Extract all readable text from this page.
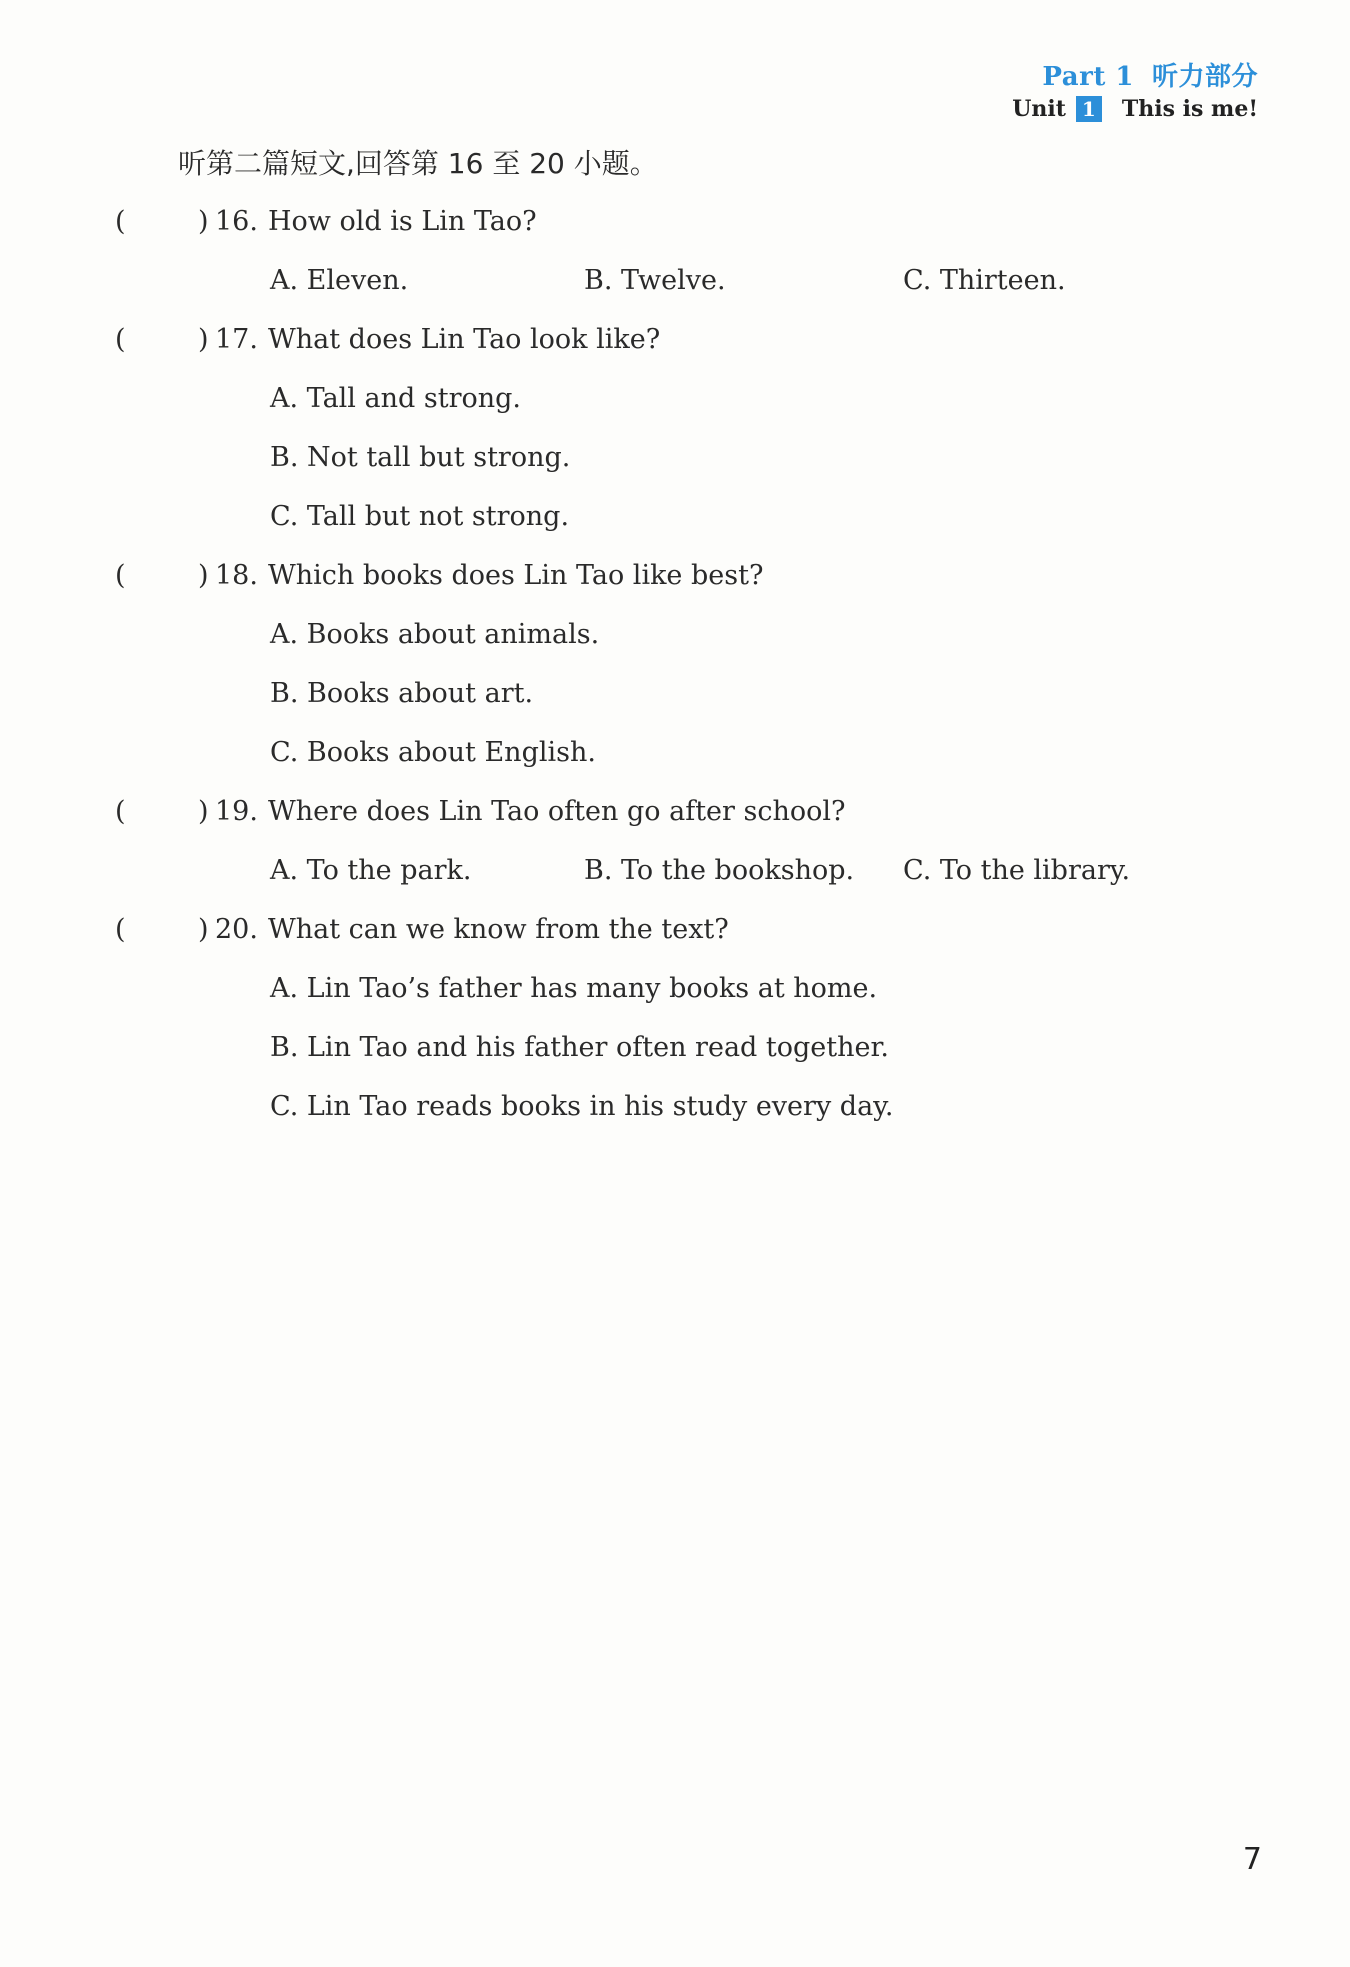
Part 1 听力部分
Unit 1 This is me!
听第二篇短文,回答第 16 至 20 小题。
(	) 16. How old is Lin Tao?
A. Eleven.	B. Twelve.	C. Thirteen.
(	) 17. What does Lin Tao look like?
A. Tall and strong.
B. Not tall but strong.
C. Tall but not strong.
(	) 18. Which books does Lin Tao like best?
A. Books about animals.
B. Books about art.
C. Books about English.
(	) 19. Where does Lin Tao often go after school?
A. To the park.	B. To the bookshop. C. To the library.
(	) 20. What can we know from the text?
A. Lin Tao’s father has many books at home.
B. Lin Tao and his father often read together.
C. Lin Tao reads books in his study every day.
7
